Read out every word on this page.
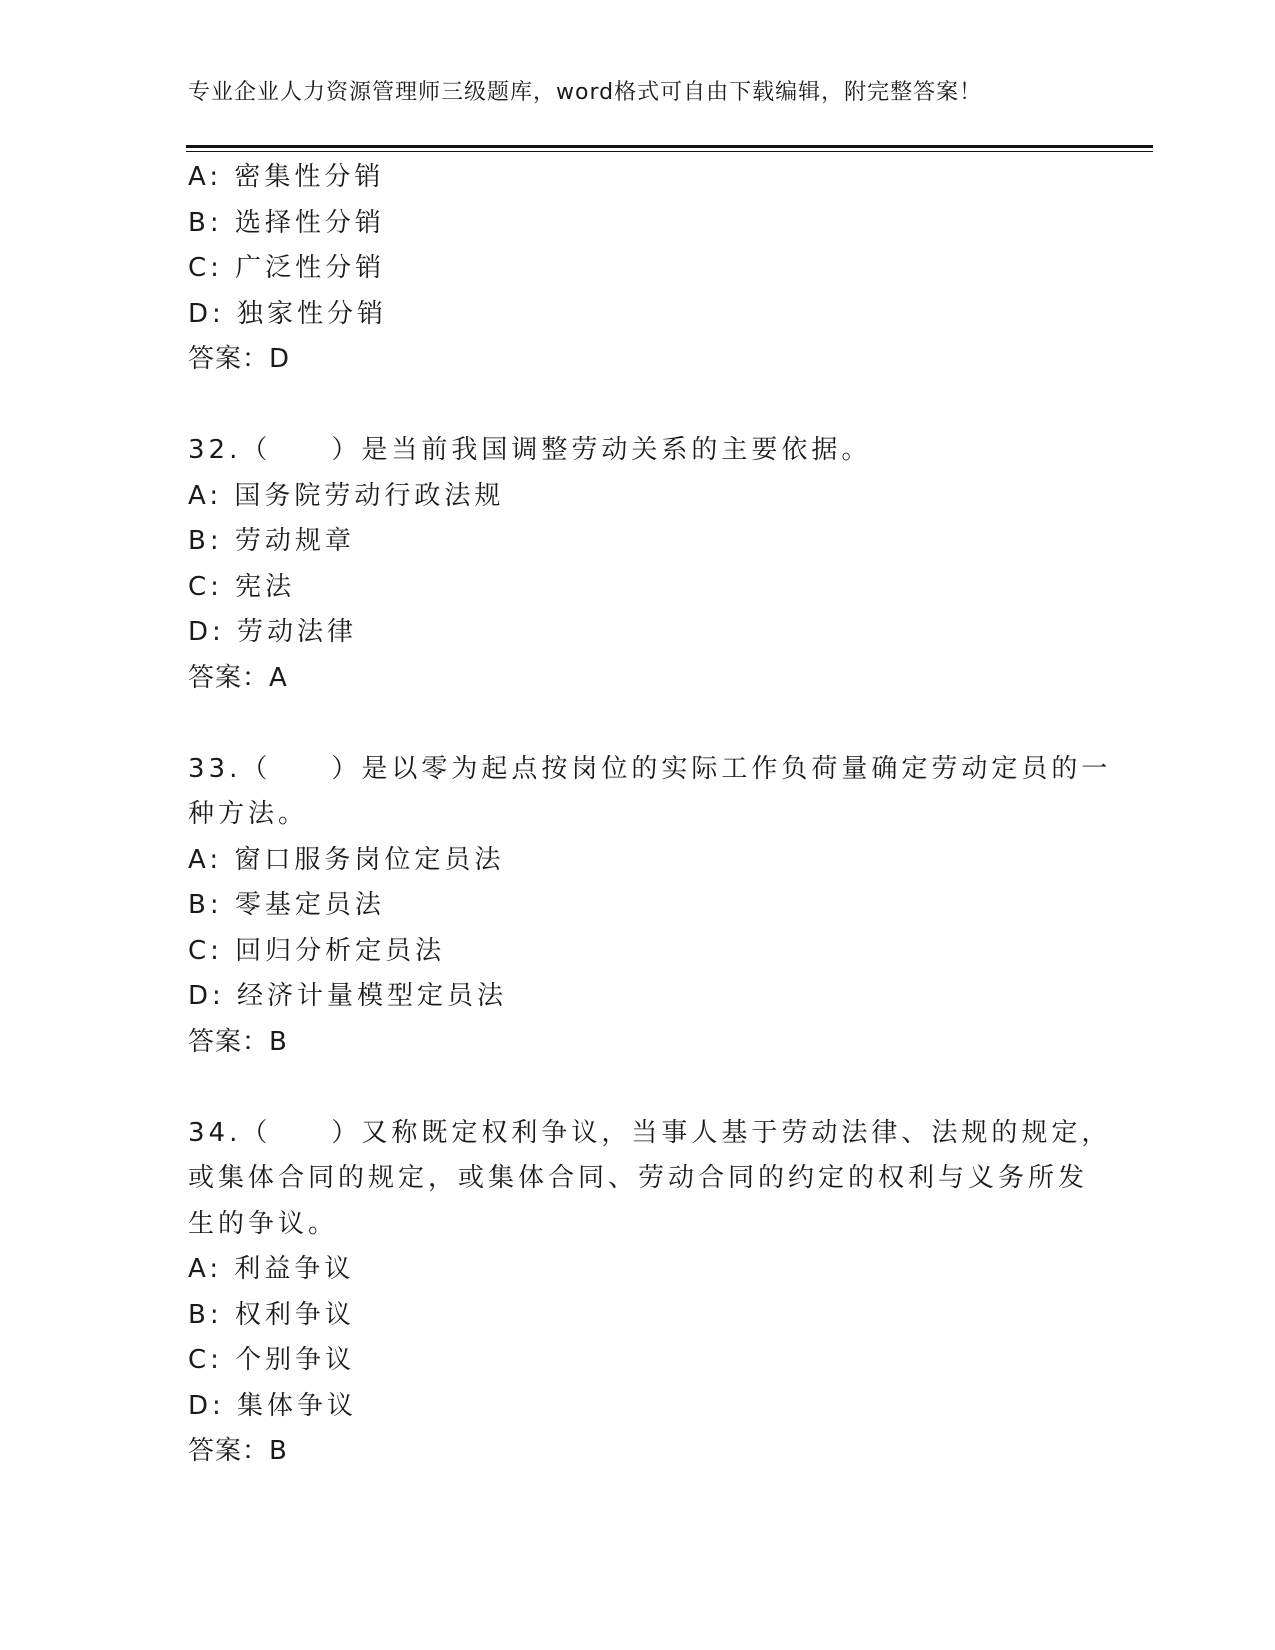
专业企业人力资源管理师三级题库，word格式可自由下载编辑，附完整答案！
A: 密集性分销
B: 选择性分销
C: 广泛性分销
D: 独家性分销
答案：D
32.（　　）是当前我国调整劳动关系的主要依据。
A: 国务院劳动行政法规
B: 劳动规章
C: 宪法
D: 劳动法律
答案：A
33.（　　）是以零为起点按岗位的实际工作负荷量确定劳动定员的一
种方法。
A: 窗口服务岗位定员法
B: 零基定员法
C: 回归分析定员法
D: 经济计量模型定员法
答案：B
34.（　　）又称既定权利争议，当事人基于劳动法律、法规的规定，
或集体合同的规定，或集体合同、劳动合同的约定的权利与义务所发
生的争议。
A: 利益争议
B: 权利争议
C: 个别争议
D: 集体争议
答案：B
